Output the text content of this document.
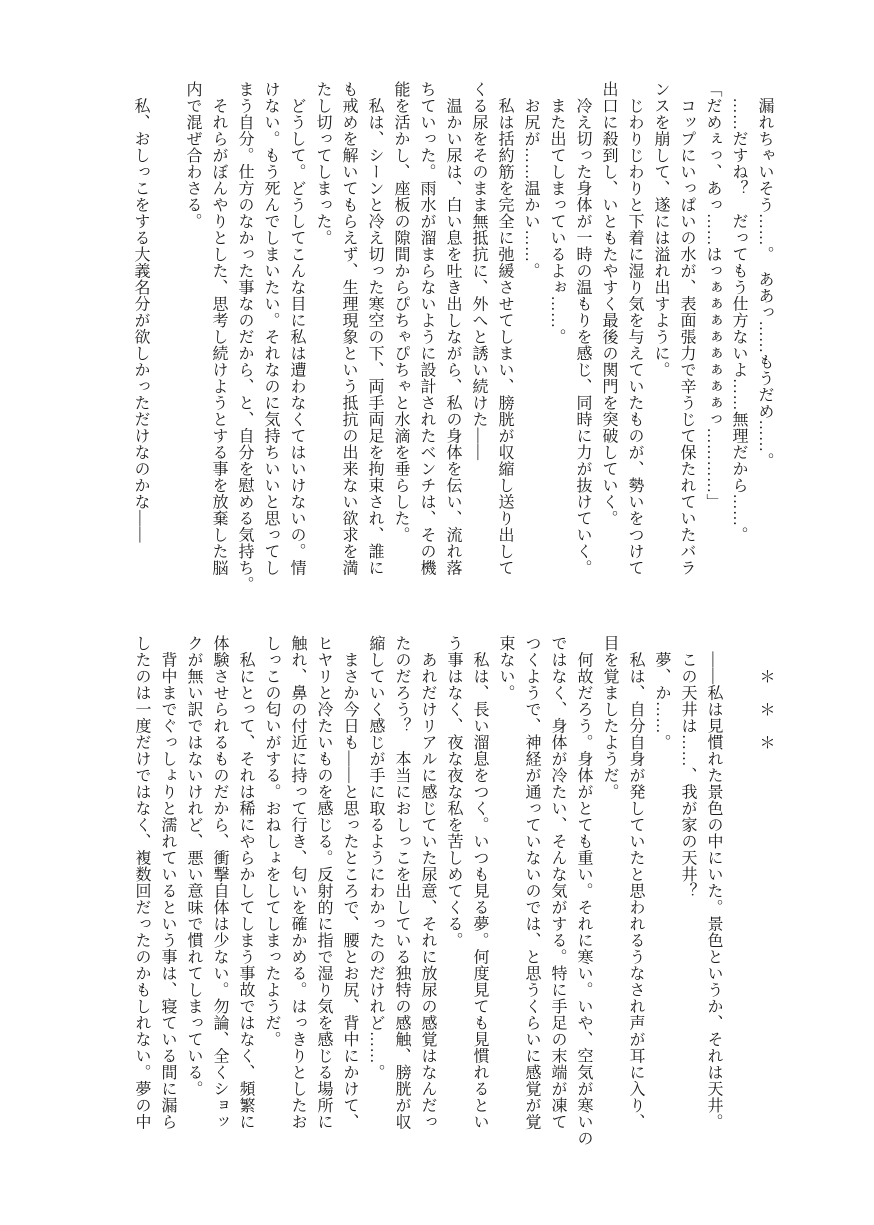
　漏れちゃいそう……。　ああっ……もうだめ……。
　……だすね？　だってもう仕方ないよ……無理だから……。
「だめぇっ、あっ……はっぁぁぁぁぁぁぁぁっ…………」
　コップにいっぱいの水が、表面張力で辛うじて保たれていたバラ
ンスを崩して、遂には溢れ出すように。
　じわりじわりと下着に湿り気を与えていたものが、勢いをつけて
出口に殺到し、いともたやすく最後の関門を突破していく。
　冷え切った身体が一時の温もりを感じ、同時に力が抜けていく。
　また出てしまっているよぉ……。
　お尻が……温かい……。
　私は括約筋を完全に弛緩させてしまい、膀胱が収縮し送り出して
くる尿をそのまま無抵抗に、外へと誘い続けた——
　温かい尿は、白い息を吐き出しながら、私の身体を伝い、流れ落
ちていった。雨水が溜まらないように設計されたベンチは、その機
能を活かし、座板の隙間からぴちゃぴちゃと水滴を垂らした。
　私は、シーンと冷え切った寒空の下、両手両足を拘束され、誰に
も戒めを解いてもらえず、生理現象という抵抗の出来ない欲求を満
たし切ってしまった。
　どうして。どうしてこんな目に私は遭わなくてはいけないの。情
けない。もう死んでしまいたい。それなのに気持ちいいと思ってし
まう自分。仕方のなかった事なのだから、と、自分を慰める気持ち。
　それらがぼんやりとした、思考し続けようとする事を放棄した脳
内で混ぜ合わさる。

　私、おしっこをする大義名分が欲しかっただけなのかな——
　　＊　＊　＊

　——私は見慣れた景色の中にいた。景色というか、それは天井。
　この天井は……、我が家の天井？
　夢、か……。
　私は、自分自身が発していたと思われるうなされ声が耳に入り、
目を覚ましたようだ。
　何故だろう。身体がとても重い。それに寒い。いや、空気が寒いの
ではなく、身体が冷たい、そんな気がする。特に手足の末端が凍て
つくようで、神経が通っていないのでは、と思うくらいに感覚が覚
束ない。
　私は、長い溜息をつく。いつも見る夢。何度見ても見慣れるとい
う事はなく、夜な夜な私を苦しめてくる。
　あれだけリアルに感じていた尿意、それに放尿の感覚はなんだっ
たのだろう？　本当におしっこを出している独特の感触、膀胱が収
縮していく感じが手に取るようにわかったのだけれど……。
　まさか今日も——と思ったところで、腰とお尻、背中にかけて、
ヒヤリと冷たいものを感じる。反射的に指で湿り気を感じる場所に
触れ、鼻の付近に持って行き、匂いを確かめる。はっきりとしたお
しっこの匂いがする。おねしょをしてしまったようだ。
　私にとって、それは稀にやらかしてしまう事故ではなく、頻繁に
体験させられるものだから、衝撃自体は少ない。勿論、全くショッ
クが無い訳ではないけれど、悪い意味で慣れてしまっている。
　背中までぐっしょりと濡れているという事は、寝ている間に漏ら
したのは一度だけではなく、複数回だったのかもしれない。夢の中
